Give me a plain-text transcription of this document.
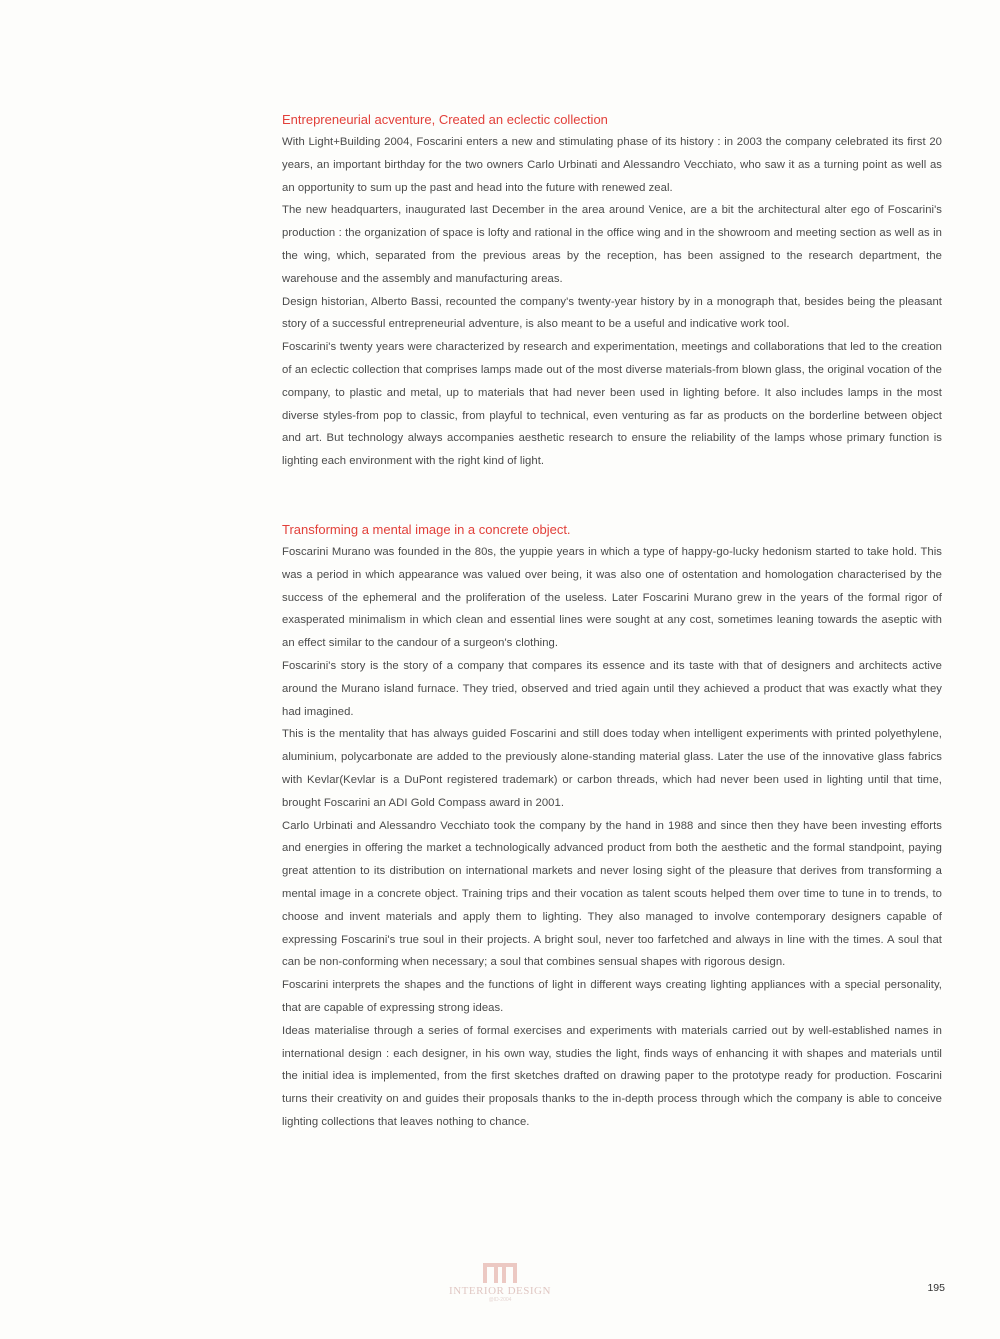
Entrepreneurial acventure, Created an eclectic collection

With Light+Building 2004, Foscarini enters a new and stimulating phase of its history : in 2003 the company celebrated its first 20 years, an important birthday for the two owners Carlo Urbinati and Alessandro Vecchiato, who saw it as a turning point as well as an opportunity to sum up the past and head into the future with renewed zeal.

The new headquarters, inaugurated last December in the area around Venice, are a bit the architectural alter ego of Foscarini's production : the organization of space is lofty and rational in the office wing and in the showroom and meeting section as well as in the wing, which, separated from the previous areas by the reception, has been assigned to the research department, the warehouse and the assembly and manufacturing areas.

Design historian, Alberto Bassi, recounted the company's twenty-year history by in a monograph that, besides being the pleasant story of a successful entrepreneurial adventure, is also meant to be a useful and indicative work tool.

Foscarini's twenty years were characterized by research and experimentation, meetings and collaborations that led to the creation of an eclectic collection that comprises lamps made out of the most diverse materials-from blown glass, the original vocation of the company, to plastic and metal, up to materials that had never been used in lighting before. It also includes lamps in the most diverse styles-from pop to classic, from playful to technical, even venturing as far as products on the borderline between object and art. But technology always accompanies aesthetic research to ensure the reliability of the lamps whose primary function is lighting each environment with the right kind of light.

Transforming a mental image in a concrete object.

Foscarini Murano was founded in the 80s, the yuppie years in which a type of happy-go-lucky hedonism started to take hold. This was a period in which appearance was valued over being, it was also one of ostentation and homologation characterised by the success of the ephemeral and the proliferation of the useless. Later Foscarini Murano grew in the years of the formal rigor of exasperated minimalism in which clean and essential lines were sought at any cost, sometimes leaning towards the aseptic with an effect similar to the candour of a surgeon's clothing.

Foscarini's story is the story of a company that compares its essence and its taste with that of designers and architects active around the Murano island furnace. They tried, observed and tried again until they achieved a product that was exactly what they had imagined.

This is the mentality that has always guided Foscarini and still does today when intelligent experiments with printed polyethylene, aluminium, polycarbonate are added to the previously alone-standing material glass. Later the use of the innovative glass fabrics with Kevlar(Kevlar is a DuPont registered trademark) or carbon threads, which had never been used in lighting until that time, brought Foscarini an ADI Gold Compass award in 2001.

Carlo Urbinati and Alessandro Vecchiato took the company by the hand in 1988 and since then they have been investing efforts and energies in offering the market a technologically advanced product from both the aesthetic and the formal standpoint, paying great attention to its distribution on international markets and never losing sight of the pleasure that derives from transforming a mental image in a concrete object. Training trips and their vocation as talent scouts helped them over time to tune in to trends, to choose and invent materials and apply them to lighting. They also managed to involve contemporary designers capable of expressing Foscarini's true soul in their projects. A bright soul, never too farfetched and always in line with the times. A soul that can be non-conforming when necessary; a soul that combines sensual shapes with rigorous design.

Foscarini interprets the shapes and the functions of light in different ways creating lighting appliances with a special personality, that are capable of expressing strong ideas.

Ideas materialise through a series of formal exercises and experiments with materials carried out by well-established names in international design : each designer, in his own way, studies the light, finds ways of enhancing it with shapes and materials until the initial idea is implemented, from the first sketches drafted on drawing paper to the prototype ready for production. Foscarini turns their creativity on and guides their proposals thanks to the in-depth process through which the company is able to conceive lighting collections that leaves nothing to chance.

INTERIOR DESIGN
@ID-2004
195
